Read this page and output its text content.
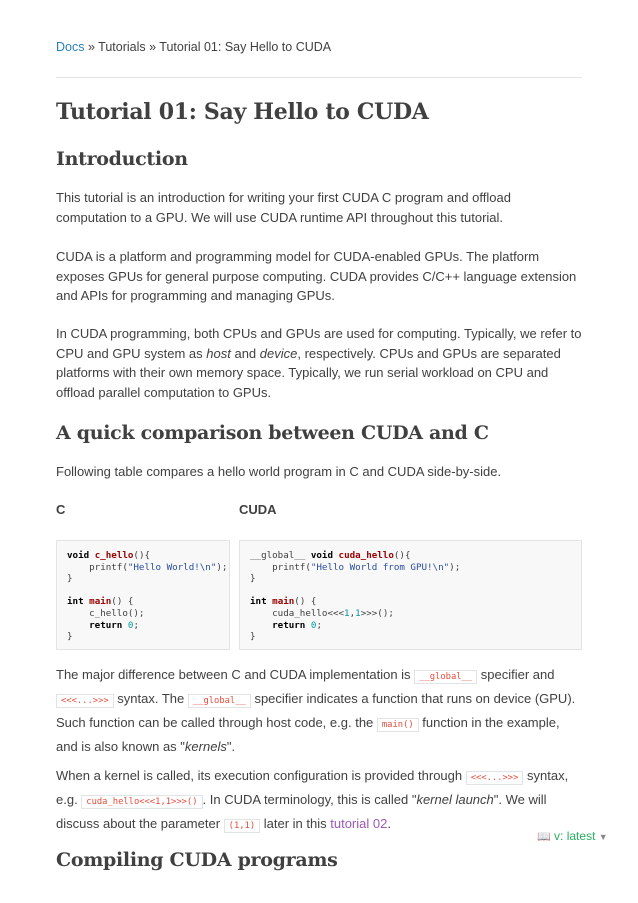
Docs » Tutorials » Tutorial 01: Say Hello to CUDA
Tutorial 01: Say Hello to CUDA
Introduction

This tutorial is an introduction for writing your first CUDA C program and offload computation to a GPU. We will use CUDA runtime API throughout this tutorial.

CUDA is a platform and programming model for CUDA-enabled GPUs. The platform exposes GPUs for general purpose computing. CUDA provides C/C++ language extension and APIs for programming and managing GPUs.

In CUDA programming, both CPUs and GPUs are used for computing. Typically, we refer to CPU and GPU system as host and device, respectively. CPUs and GPUs are separated platforms with their own memory space. Typically, we run serial workload on CPU and offload parallel computation to GPUs.

A quick comparison between CUDA and C

Following table compares a hello world program in C and CUDA side-by-side.

C	CUDA
void c_hello(){
printf("Hello World!\n");
}

int main() {
c_hello();
return 0;
}
__global__ void cuda_hello(){
printf("Hello World from GPU!\n");
}

int main() {
cuda_hello<<<1,1>>>();
return 0;
}

The major difference between C and CUDA implementation is __global__ specifier and <<<...>>> syntax. The __global__ specifier indicates a function that runs on device (GPU). Such function can be called through host code, e.g. the main() function in the example, and is also known as "kernels".

When a kernel is called, its execution configuration is provided through <<<...>>> syntax, e.g. cuda_hello<<<1,1>>>() . In CUDA terminology, this is called "kernel launch". We will discuss about the parameter (1,1) later in this tutorial 02.

Compiling CUDA programs
📖 v: latest ▼
